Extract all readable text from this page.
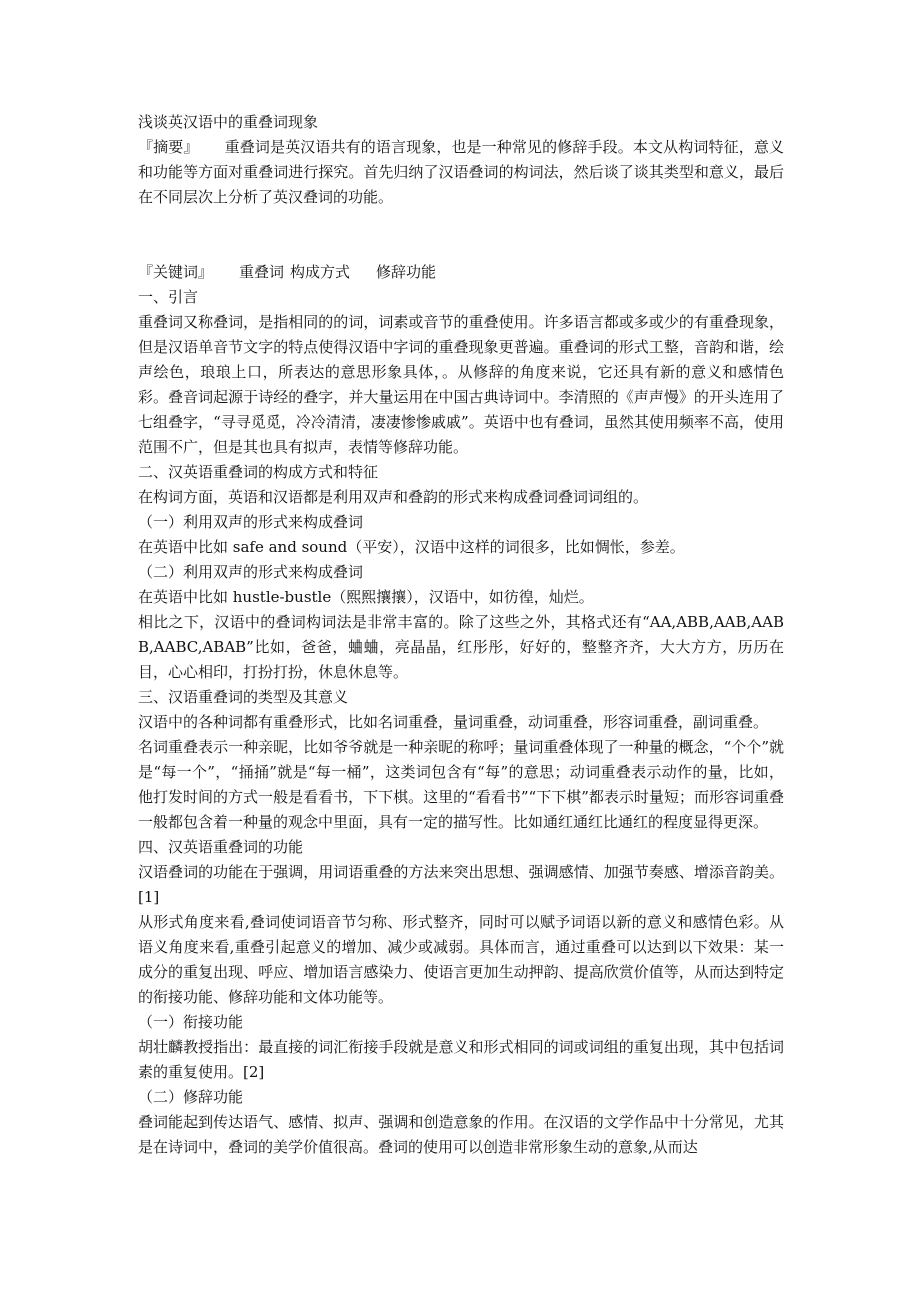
浅谈英汉语中的重叠词现象

『摘要』 重叠词是英汉语共有的语言现象，也是一种常见的修辞手段。本文从构词特征，意义和功能等方面对重叠词进行探究。首先归纳了汉语叠词的构词法，然后谈了谈其类型和意义，最后在不同层次上分析了英汉叠词的功能。

『关键词』 重叠词 构成方式 修辞功能

一、引言

重叠词又称叠词，是指相同的的词，词素或音节的重叠使用。许多语言都或多或少的有重叠现象，但是汉语单音节文字的特点使得汉语中字词的重叠现象更普遍。重叠词的形式工整，音韵和谐，绘声绘色，琅琅上口，所表达的意思形象具体，。从修辞的角度来说，它还具有新的意义和感情色彩。叠音词起源于诗经的叠字，并大量运用在中国古典诗词中。李清照的《声声慢》的开头连用了七组叠字，“寻寻觅觅，冷冷清清，凄凄惨惨戚戚”。英语中也有叠词，虽然其使用频率不高，使用范围不广，但是其也具有拟声，表情等修辞功能。

二、汉英语重叠词的构成方式和特征

在构词方面，英语和汉语都是利用双声和叠韵的形式来构成叠词叠词词组的。

（一）利用双声的形式来构成叠词

在英语中比如 safe and sound（平安），汉语中这样的词很多，比如惆怅，参差。

（二）利用双声的形式来构成叠词

在英语中比如 hustle-bustle（熙熙攘攘），汉语中，如彷徨，灿烂。

相比之下，汉语中的叠词构词法是非常丰富的。除了这些之外，其格式还有“AA,ABB,AAB,AABB,AABC,ABAB”比如，爸爸，蛐蛐，亮晶晶，红彤彤，好好的，整整齐齐，大大方方，历历在目，心心相印，打扮打扮，休息休息等。

三、汉语重叠词的类型及其意义

汉语中的各种词都有重叠形式，比如名词重叠，量词重叠，动词重叠，形容词重叠，副词重叠。

名词重叠表示一种亲昵，比如爷爷就是一种亲昵的称呼；量词重叠体现了一种量的概念，“个个”就是“每一个”，“捅捅”就是“每一桶”，这类词包含有“每”的意思；动词重叠表示动作的量，比如，他打发时间的方式一般是看看书，下下棋。这里的“看看书”“下下棋”都表示时量短；而形容词重叠一般都包含着一种量的观念中里面，具有一定的描写性。比如通红通红比通红的程度显得更深。

四、汉英语重叠词的功能

汉语叠词的功能在于强调，用词语重叠的方法来突出思想、强调感情、加强节奏感、增添音韵美。[1]

从形式角度来看,叠词使词语音节匀称、形式整齐，同时可以赋予词语以新的意义和感情色彩。从语义角度来看,重叠引起意义的增加、减少或减弱。具体而言，通过重叠可以达到以下效果：某一成分的重复出现、呼应、增加语言感染力、使语言更加生动押韵、提高欣赏价值等，从而达到特定的衔接功能、修辞功能和文体功能等。

（一）衔接功能

胡壮麟教授指出：最直接的词汇衔接手段就是意义和形式相同的词或词组的重复出现，其中包括词素的重复使用。[2]

（二）修辞功能

叠词能起到传达语气、感情、拟声、强调和创造意象的作用。在汉语的文学作品中十分常见，尤其是在诗词中，叠词的美学价值很高。叠词的使用可以创造非常形象生动的意象,从而达
